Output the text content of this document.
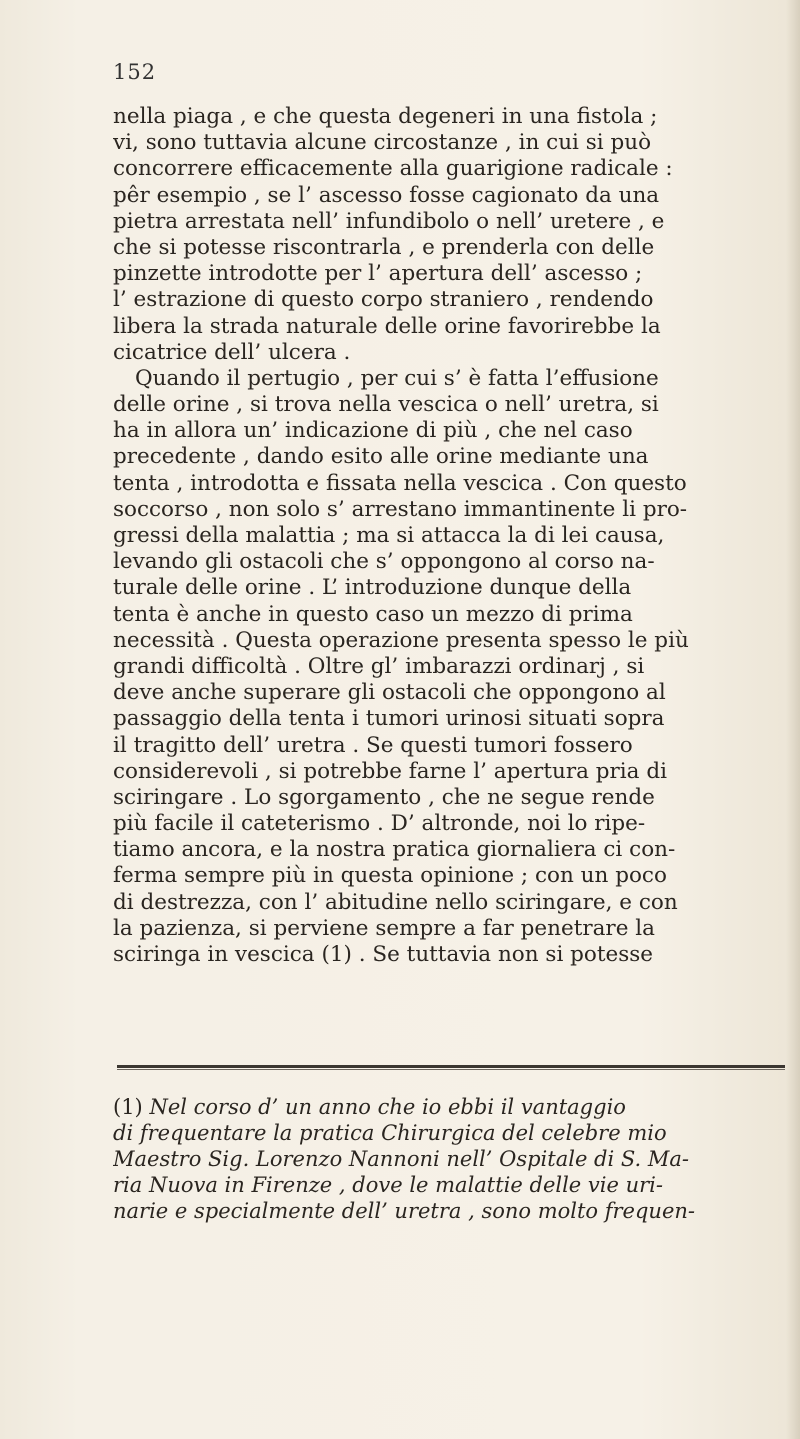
152
nella piaga , e che questa degeneri in una fistola ;
vi, sono tuttavia alcune circostanze , in cui si può
concorrere efficacemente alla guarigione radicale :
pêr esempio , se l’ ascesso fosse cagionato da una
pietra arrestata nell’ infundibolo o nell’ uretere , e
che si potesse riscontrarla , e prenderla con delle
pinzette introdotte per l’ apertura dell’ ascesso ;
l’ estrazione di questo corpo straniero , rendendo
libera la strada naturale delle orine favorirebbe la
cicatrice dell’ ulcera .
Quando il pertugio , per cui s’ è fatta l’effusione
delle orine , si trova nella vescica o nell’ uretra, si
ha in allora un’ indicazione di più , che nel caso
precedente , dando esito alle orine mediante una
tenta , introdotta e fissata nella vescica . Con questo
soccorso , non solo s’ arrestano immantinente li pro-
gressi della malattia ; ma si attacca la di lei causa,
levando gli ostacoli che s’ oppongono al corso na-
turale delle orine . L’ introduzione dunque della
tenta è anche in questo caso un mezzo di prima
necessità . Questa operazione presenta spesso le più
grandi difficoltà . Oltre gl’ imbarazzi ordinarj , si
deve anche superare gli ostacoli che oppongono al
passaggio della tenta i tumori urinosi situati sopra
il tragitto dell’ uretra . Se questi tumori fossero
considerevoli , si potrebbe farne l’ apertura pria di
sciringare . Lo sgorgamento , che ne segue rende
più facile il cateterismo . D’ altronde, noi lo ripe-
tiamo ancora, e la nostra pratica giornaliera ci con-
ferma sempre più in questa opinione ; con un poco
di destrezza, con l’ abitudine nello sciringare, e con
la pazienza, si perviene sempre a far penetrare la
sciringa in vescica (1) . Se tuttavia non si potesse
(1) Nel corso d’ un anno che io ebbi il vantaggio
di frequentare la pratica Chirurgica del celebre mio
Maestro Sig. Lorenzo Nannoni nell’ Ospitale di S. Ma-
ria Nuova in Firenze , dove le malattie delle vie uri-
narie e specialmente dell’ uretra , sono molto frequen-
